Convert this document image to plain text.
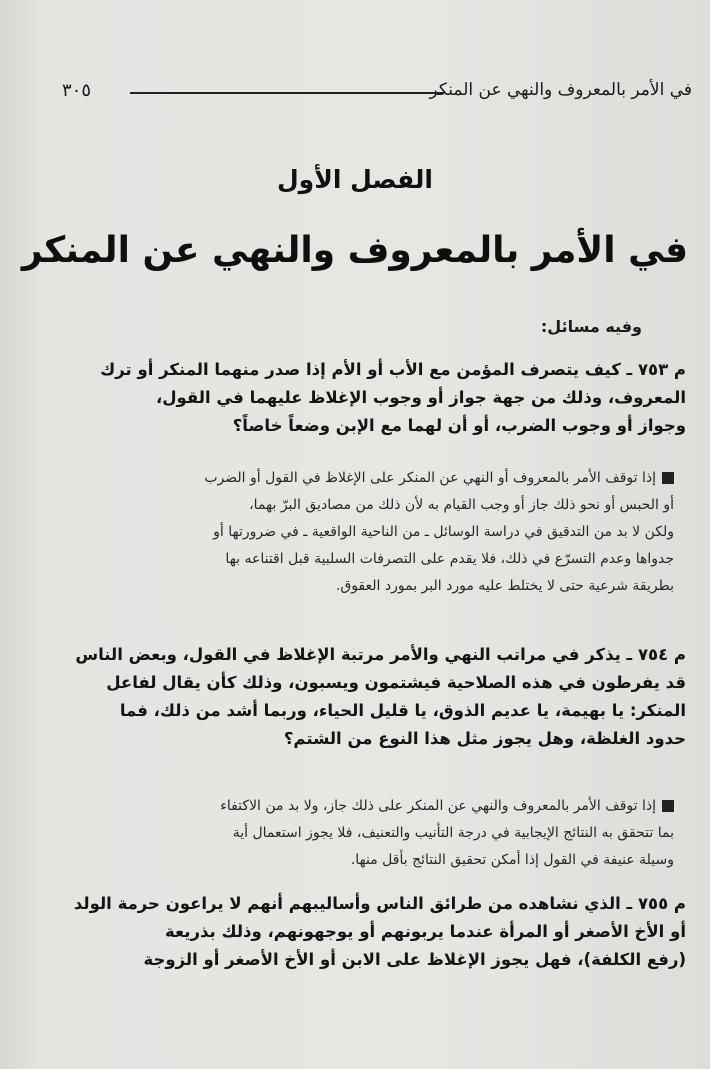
في الأمر بالمعروف والنهي عن المنكر
٣٠٥
الفصل الأول
في الأمر بالمعروف والنهي عن المنكر
وفيه مسائل:
م ٧٥٣ ـ كيف يتصرف المؤمن مع الأب أو الأم إذا صدر منهما المنكر أو ترك
المعروف، وذلك من جهة جواز أو وجوب الإغلاظ عليهما في القول،
وجواز أو وجوب الضرب، أو أن لهما مع الإبن وضعاً خاصاً؟
إذا توقف الأمر بالمعروف أو النهي عن المنكر على الإغلاظ في القول أو الضرب
أو الحبس أو نحو ذلك جاز أو وجب القيام به لأن ذلك من مصاديق البرّ بهما،
ولكن لا بد من التدقيق في دراسة الوسائل ـ من الناحية الواقعية ـ في ضرورتها أو
جدواها وعدم التسرّع في ذلك، فلا يقدم على التصرفات السلبية قبل اقتناعه بها
بطريقة شرعية حتى لا يختلط عليه مورد البر بمورد العقوق.
م ٧٥٤ ـ يذكر في مراتب النهي والأمر مرتبة الإغلاظ في القول، وبعض الناس
قد يفرطون في هذه الصلاحية فيشتمون ويسبون، وذلك كأن يقال لفاعل
المنكر: يا بهيمة، يا عديم الذوق، يا قليل الحياء، وربما أشد من ذلك، فما
حدود الغلظة، وهل يجوز مثل هذا النوع من الشتم؟
إذا توقف الأمر بالمعروف والنهي عن المنكر على ذلك جاز، ولا بد من الاكتفاء
بما تتحقق به النتائج الإيجابية في درجة التأنيب والتعنيف، فلا يجوز استعمال أية
وسيلة عنيفة في القول إذا أمكن تحقيق النتائج بأقل منها.
م ٧٥٥ ـ الذي نشاهده من طرائق الناس وأساليبهم أنهم لا يراعون حرمة الولد
أو الأخ الأصغر أو المرأة عندما يربونهم أو يوجهونهم، وذلك بذريعة
(رفع الكلفة)، فهل يجوز الإغلاظ على الابن أو الأخ الأصغر أو الزوجة
